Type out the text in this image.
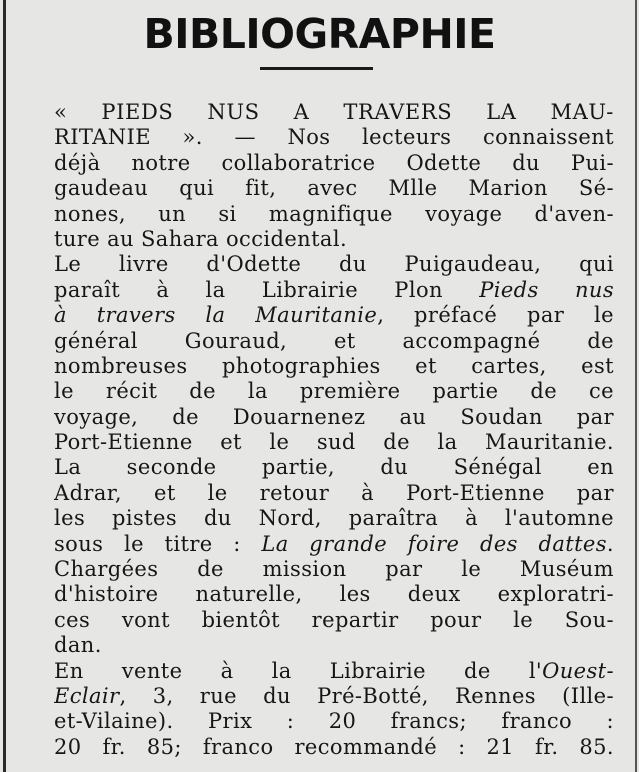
BIBLIOGRAPHIE
« PIEDS NUS A TRAVERS LA MAU-
RITANIE ». — Nos lecteurs connaissent
déjà notre collaboratrice Odette du Pui-
gaudeau qui fit, avec Mlle Marion Sé-
nones, un si magnifique voyage d'aven-
ture au Sahara occidental.
Le livre d'Odette du Puigaudeau, qui
paraît à la Librairie Plon Pieds nus
à travers la Mauritanie, préfacé par le
général Gouraud, et accompagné de
nombreuses photographies et cartes, est
le récit de la première partie de ce
voyage, de Douarnenez au Soudan par
Port-Etienne et le sud de la Mauritanie.
La seconde partie, du Sénégal en
Adrar, et le retour à Port-Etienne par
les pistes du Nord, paraîtra à l'automne
sous le titre : La grande foire des dattes.
Chargées de mission par le Muséum
d'histoire naturelle, les deux exploratri-
ces vont bientôt repartir pour le Sou-
dan.
En vente à la Librairie de l'Ouest-
Eclair, 3, rue du Pré-Botté, Rennes (Ille-
et-Vilaine). Prix : 20 francs; franco :
20 fr. 85; franco recommandé : 21 fr. 85.
